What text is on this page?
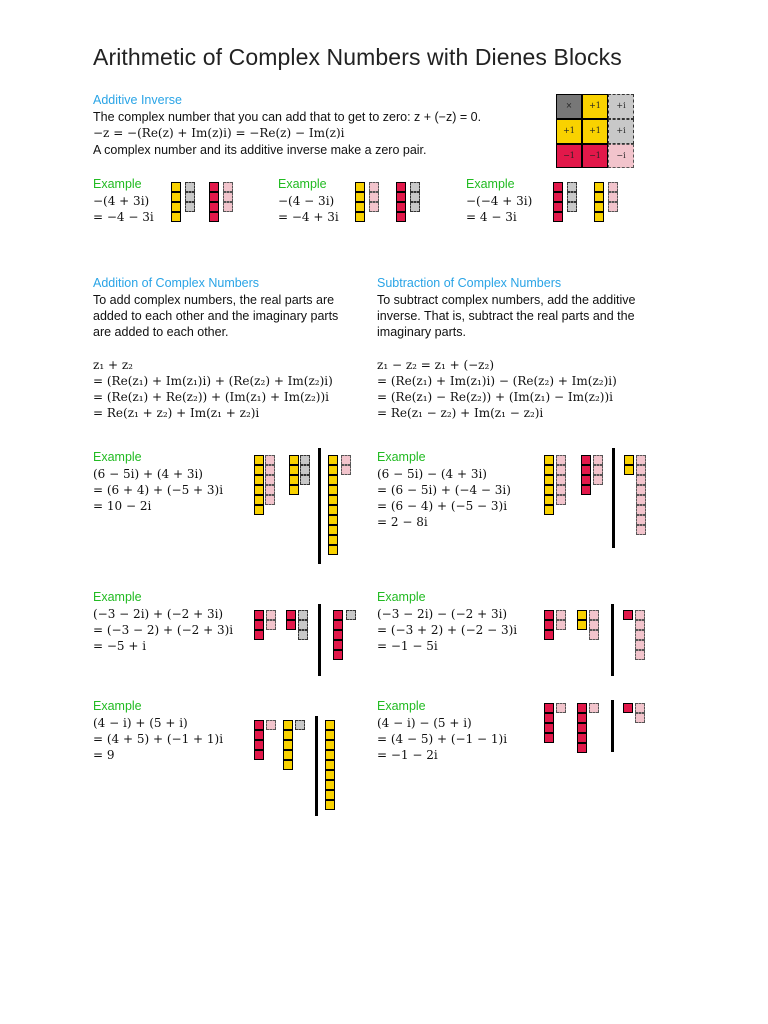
Arithmetic of Complex Numbers with Dienes Blocks
Additive Inverse
The complex number that you can add that to get to zero: z + (−z) = 0.
−z = −(Re(z) + Im(z)i) = −Re(z) − Im(z)i
A complex number and its additive inverse make a zero pair.
×	+1	+i
+1	+1	+i
−1	−1	−i
Example
−(4 + 3i)
= −4 − 3i
Example
−(4 − 3i)
= −4 + 3i
Example
−(−4 + 3i)
= 4 − 3i
Addition of Complex Numbers
To add complex numbers, the real parts are
added to each other and the imaginary parts
are added to each other.
z₁ + z₂
= (Re(z₁) + Im(z₁)i) + (Re(z₂) + Im(z₂)i)
= (Re(z₁) + Re(z₂)) + (Im(z₁) + Im(z₂))i
= Re(z₁ + z₂) + Im(z₁ + z₂)i
Subtraction of Complex Numbers
To subtract complex numbers, add the additive
inverse. That is, subtract the real parts and the
imaginary parts.
z₁ − z₂ = z₁ + (−z₂)
= (Re(z₁) + Im(z₁)i) − (Re(z₂) + Im(z₂)i)
= (Re(z₁) − Re(z₂)) + (Im(z₁) − Im(z₂))i
= Re(z₁ − z₂) + Im(z₁ − z₂)i
Example
(6 − 5i) + (4 + 3i)
= (6 + 4) + (−5 + 3)i
= 10 − 2i
Example
(−3 − 2i) + (−2 + 3i)
= (−3 − 2) + (−2 + 3)i
= −5 + i
Example
(4 − i) + (5 + i)
= (4 + 5) + (−1 + 1)i
= 9
Example
(6 − 5i) − (4 + 3i)
= (6 − 5i) + (−4 − 3i)
= (6 − 4) + (−5 − 3)i
= 2 − 8i
Example
(−3 − 2i) − (−2 + 3i)
= (−3 + 2) + (−2 − 3)i
= −1 − 5i
Example
(4 − i) − (5 + i)
= (4 − 5) + (−1 − 1)i
= −1 − 2i
